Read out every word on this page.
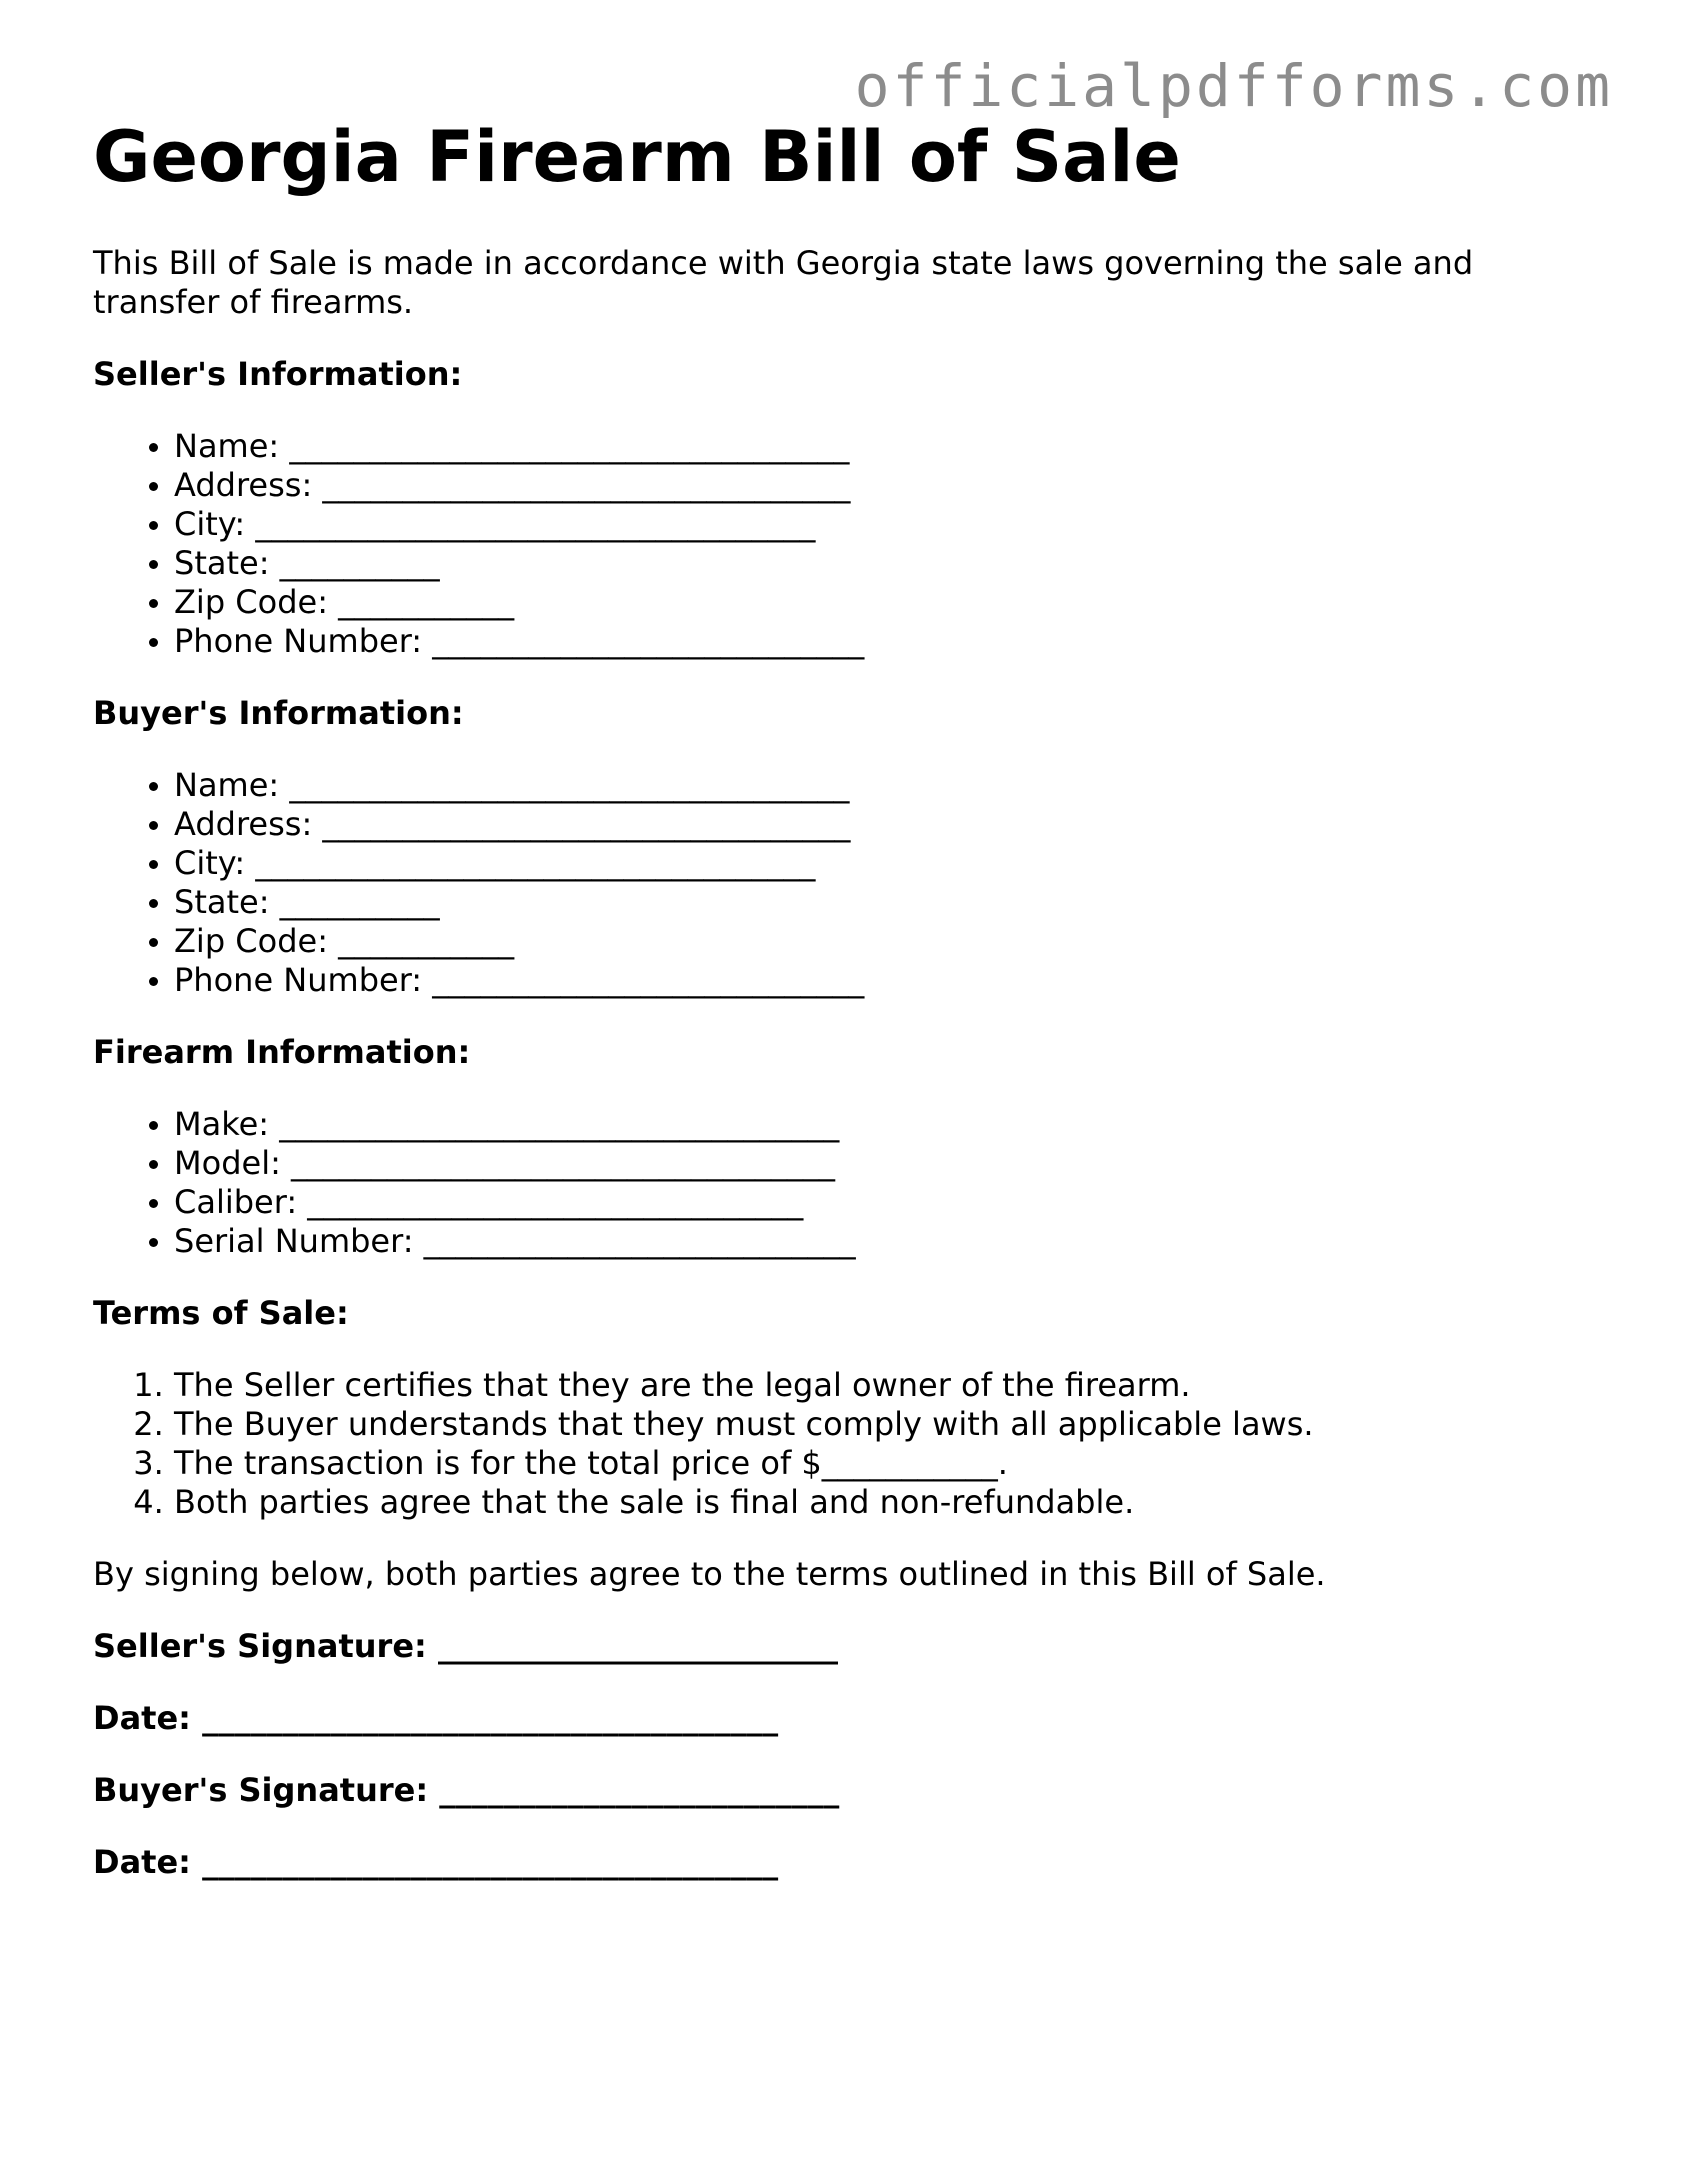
officialpdfforms.com
Georgia Firearm Bill of Sale

This Bill of Sale is made in accordance with Georgia state laws governing the sale and transfer of firearms.

Seller's Information:
• Name: ___________________________________
• Address: _________________________________
• City: ___________________________________
• State: __________
• Zip Code: ___________
• Phone Number: ___________________________
Buyer's Information:
• Name: ___________________________________
• Address: _________________________________
• City: ___________________________________
• State: __________
• Zip Code: ___________
• Phone Number: ___________________________
Firearm Information:
• Make: ___________________________________
• Model: __________________________________
• Caliber: _______________________________
• Serial Number: ___________________________
Terms of Sale:
1. The Seller certifies that they are the legal owner of the firearm.
2. The Buyer understands that they must comply with all applicable laws.
3. The transaction is for the total price of $___________.
4. Both parties agree that the sale is final and non-refundable.

By signing below, both parties agree to the terms outlined in this Bill of Sale.

Seller's Signature: _________________________
Date: ____________________________________
Buyer's Signature: _________________________
Date: ____________________________________
